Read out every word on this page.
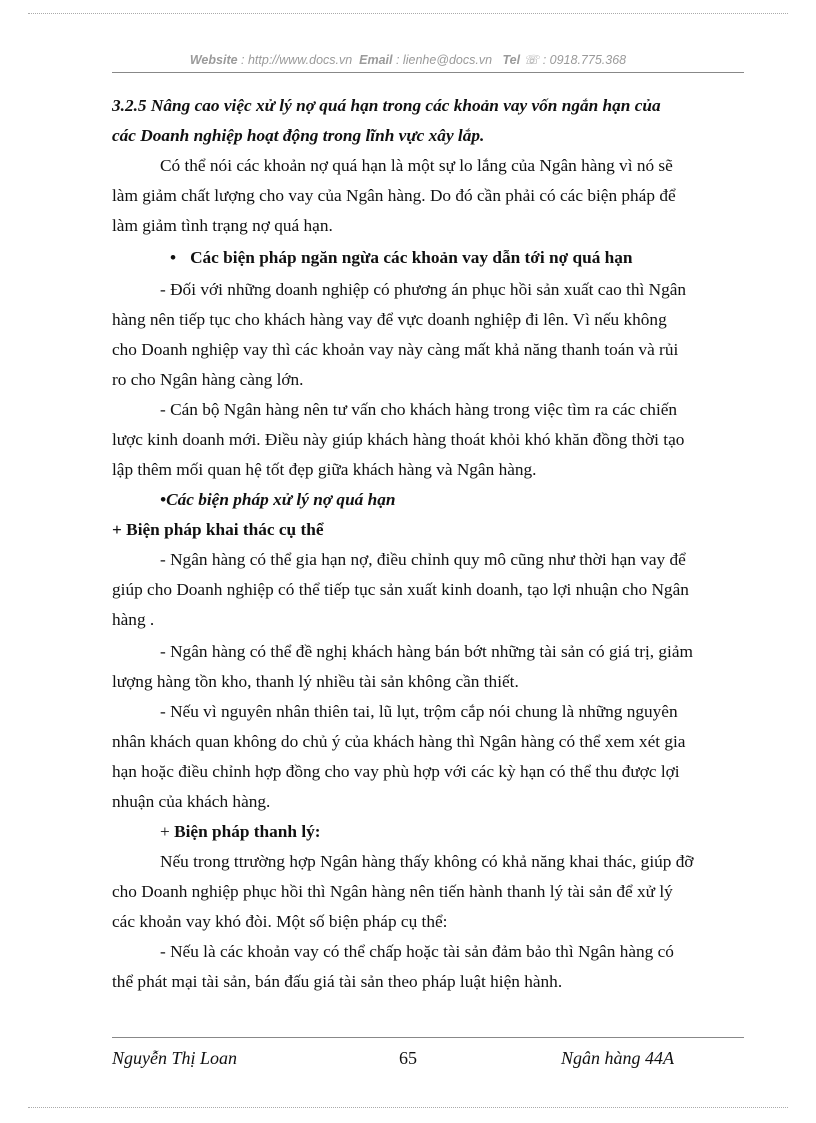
Website : http://www.docs.vn Email : lienhe@docs.vn Tel ☏ : 0918.775.368

3.2.5 Nâng cao việc xử lý nợ quá hạn trong các khoản vay vốn ngắn hạn của

các Doanh nghiệp hoạt động trong lĩnh vực xây lắp.

Có thể nói các khoản nợ quá hạn là một sự lo lắng của Ngân hàng vì nó sẽ

làm giảm chất lượng cho vay của Ngân hàng. Do đó cần phải có các biện pháp để

làm giảm tình trạng nợ quá hạn.

• Các biện pháp ngăn ngừa các khoản vay dẫn tới nợ quá hạn

- Đối với những doanh nghiệp có phương án phục hồi sản xuất cao thì Ngân

hàng nên tiếp tục cho khách hàng vay để vực doanh nghiệp đi lên. Vì nếu không

cho Doanh nghiệp vay thì các khoản vay này càng mất khả năng thanh toán và rủi

ro cho Ngân hàng càng lớn.

- Cán bộ Ngân hàng nên tư vấn cho khách hàng trong việc tìm ra các chiến

lược kinh doanh mới. Điều này giúp khách hàng thoát khỏi khó khăn đồng thời tạo

lập thêm mối quan hệ tốt đẹp giữa khách hàng và Ngân hàng.

•Các biện pháp xử lý nợ quá hạn

+ Biện pháp khai thác cụ thể

- Ngân hàng có thể gia hạn nợ, điều chỉnh quy mô cũng như thời hạn vay để

giúp cho Doanh nghiệp có thể tiếp tục sản xuất kinh doanh, tạo lợi nhuận cho Ngân

hàng .

- Ngân hàng có thể đề nghị khách hàng bán bớt những tài sản có giá trị, giảm

lượng hàng tồn kho, thanh lý nhiều tài sản không cần thiết.

- Nếu vì nguyên nhân thiên tai, lũ lụt, trộm cắp nói chung là những nguyên

nhân khách quan không do chủ ý của khách hàng thì Ngân hàng có thể xem xét gia

hạn hoặc điều chỉnh hợp đồng cho vay phù hợp với các kỳ hạn có thể thu được lợi

nhuận của khách hàng.

+ Biện pháp thanh lý:

Nếu trong ttrường hợp Ngân hàng thấy không có khả năng khai thác, giúp đỡ

cho Doanh nghiệp phục hồi thì Ngân hàng nên tiến hành thanh lý tài sản để xử lý

các khoản vay khó đòi. Một số biện pháp cụ thể:

- Nếu là các khoản vay có thể chấp hoặc tài sản đảm bảo thì Ngân hàng có

thể phát mại tài sản, bán đấu giá tài sản theo pháp luật hiện hành.

Nguyễn Thị Loan	65	Ngân hàng 44A
